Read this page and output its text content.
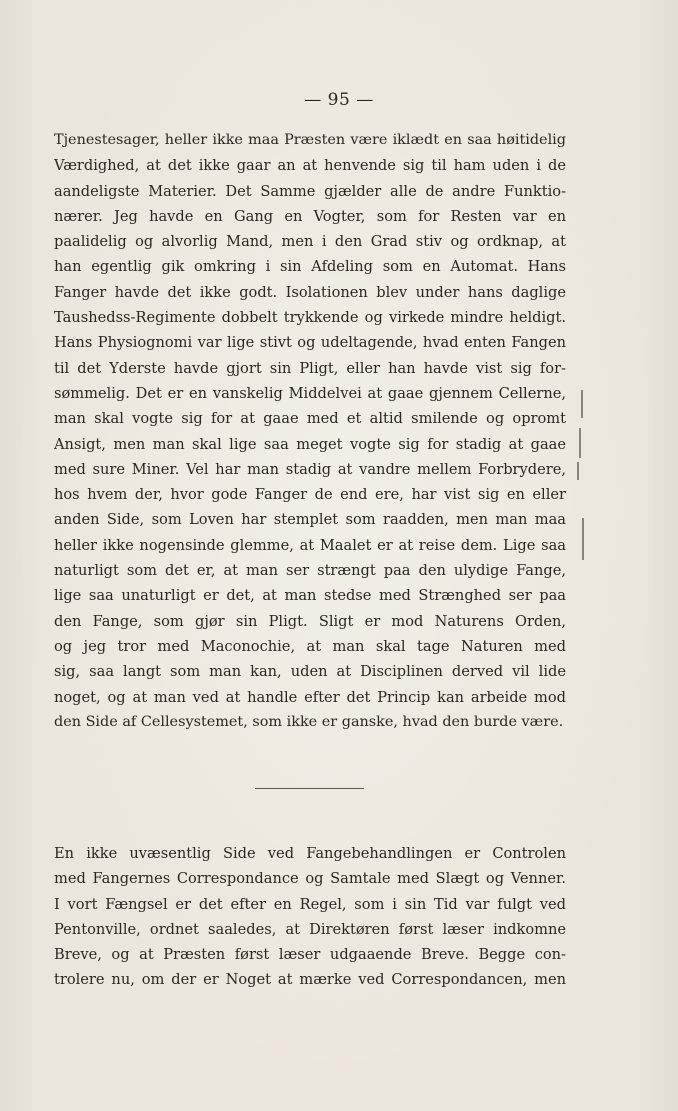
— 95 —
Tjenestesager, heller ikke maa Præsten være iklædt en saa høitidelig
Værdighed, at det ikke gaar an at henvende sig til ham uden i de
aandeligste Materier. Det Samme gjælder alle de andre Funktio-
nærer. Jeg havde en Gang en Vogter, som for Resten var en
paalidelig og alvorlig Mand, men i den Grad stiv og ordknap, at
han egentlig gik omkring i sin Afdeling som en Automat. Hans
Fanger havde det ikke godt. Isolationen blev under hans daglige
Taushedss-Regimente dobbelt trykkende og virkede mindre heldigt.
Hans Physiognomi var lige stivt og udeltagende, hvad enten Fangen
til det Yderste havde gjort sin Pligt, eller han havde vist sig for-
sømmelig. Det er en vanskelig Middelvei at gaae gjennem Cellerne,
man skal vogte sig for at gaae med et altid smilende og opromt
Ansigt, men man skal lige saa meget vogte sig for stadig at gaae
med sure Miner. Vel har man stadig at vandre mellem Forbrydere,
hos hvem der, hvor gode Fanger de end ere, har vist sig en eller
anden Side, som Loven har stemplet som raadden, men man maa
heller ikke nogensinde glemme, at Maalet er at reise dem. Lige saa
naturligt som det er, at man ser strængt paa den ulydige Fange,
lige saa unaturligt er det, at man stedse med Strænghed ser paa
den Fange, som gjør sin Pligt. Sligt er mod Naturens Orden,
og jeg tror med Maconochie, at man skal tage Naturen med
sig, saa langt som man kan, uden at Disciplinen derved vil lide
noget, og at man ved at handle efter det Princip kan arbeide mod
den Side af Cellesystemet, som ikke er ganske, hvad den burde være.
En ikke uvæsentlig Side ved Fangebehandlingen er Controlen
med Fangernes Correspondance og Samtale med Slægt og Venner.
I vort Fængsel er det efter en Regel, som i sin Tid var fulgt ved
Pentonville, ordnet saaledes, at Direktøren først læser indkomne
Breve, og at Præsten først læser udgaaende Breve. Begge con-
trolere nu, om der er Noget at mærke ved Correspondancen, men
